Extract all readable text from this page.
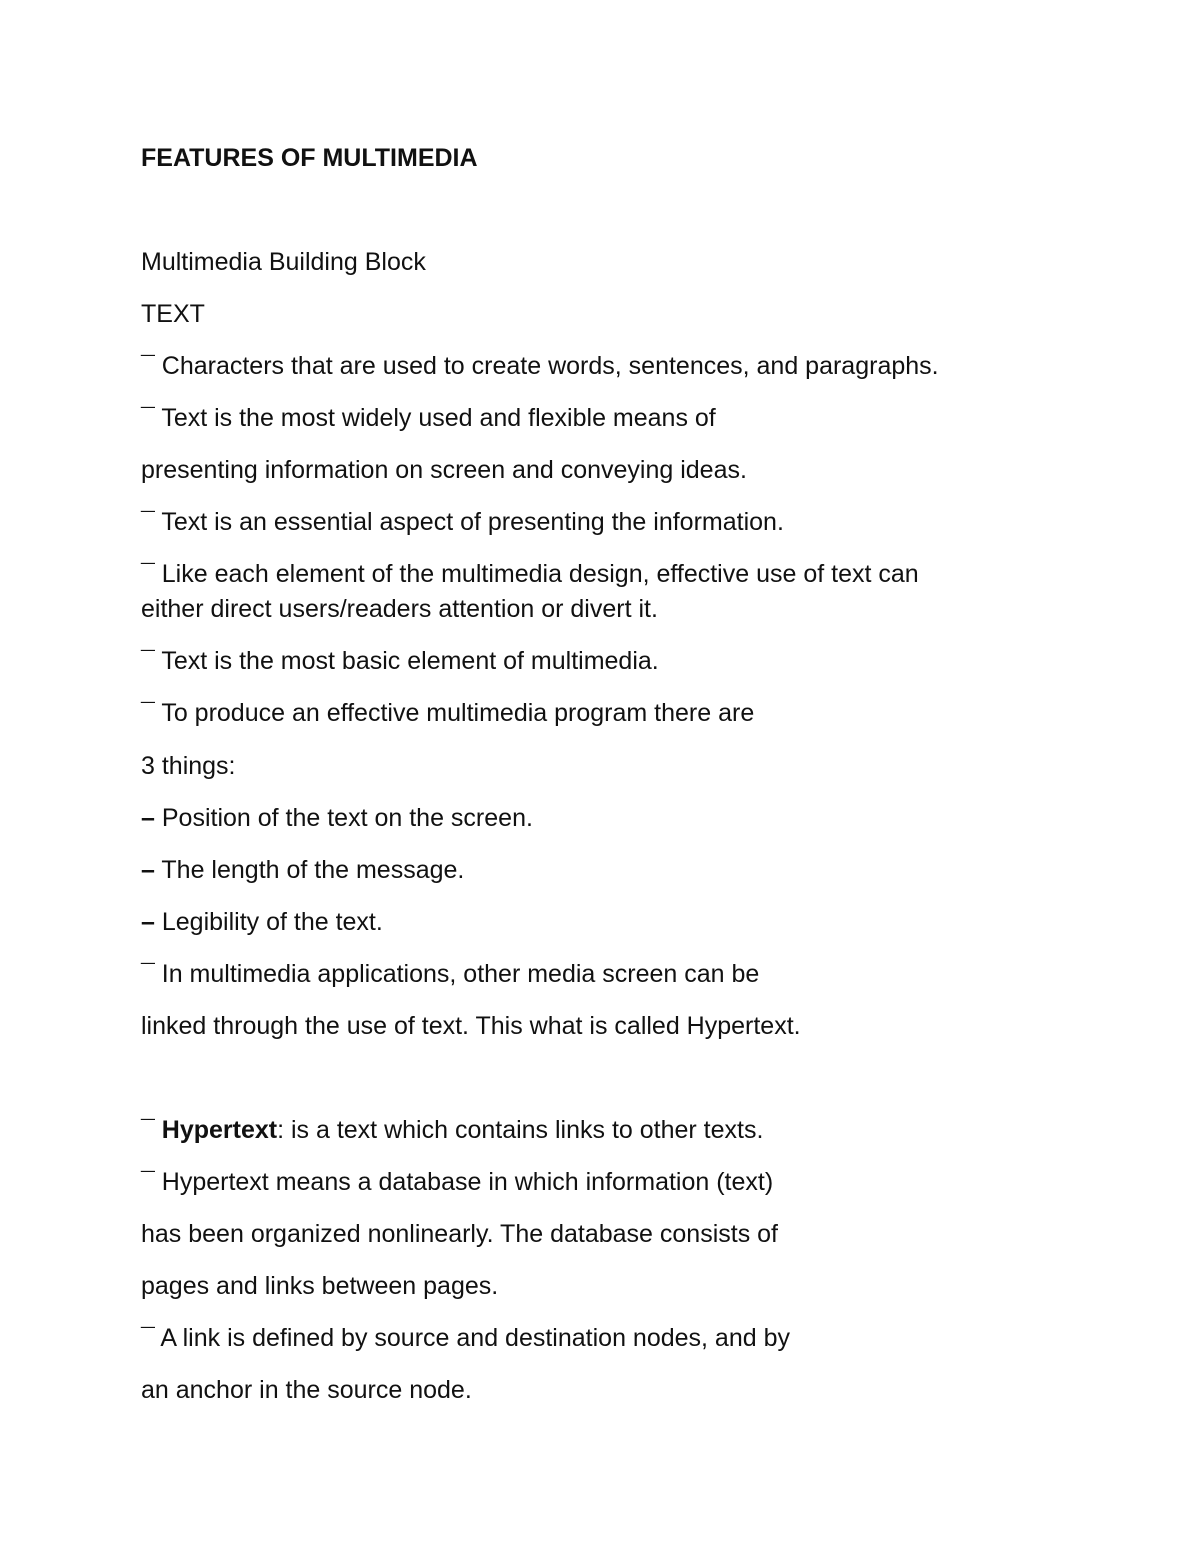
FEATURES OF MULTIMEDIA
Multimedia Building Block
TEXT
¯ Characters that are used to create words, sentences, and paragraphs.
¯ Text is the most widely used and flexible means of
presenting information on screen and conveying ideas.
¯ Text is an essential aspect of presenting the information.
¯ Like each element of the multimedia design, effective use of text can
either direct users/readers attention or divert it.
¯ Text is the most basic element of multimedia.
¯ To produce an effective multimedia program there are
3 things:
– Position of the text on the screen.
– The length of the message.
– Legibility of the text.
¯ In multimedia applications, other media screen can be
linked through the use of text. This what is called Hypertext.
¯ Hypertext: is a text which contains links to other texts.
¯ Hypertext means a database in which information (text)
has been organized nonlinearly. The database consists of
pages and links between pages.
¯ A link is defined by source and destination nodes, and by
an anchor in the source node.
